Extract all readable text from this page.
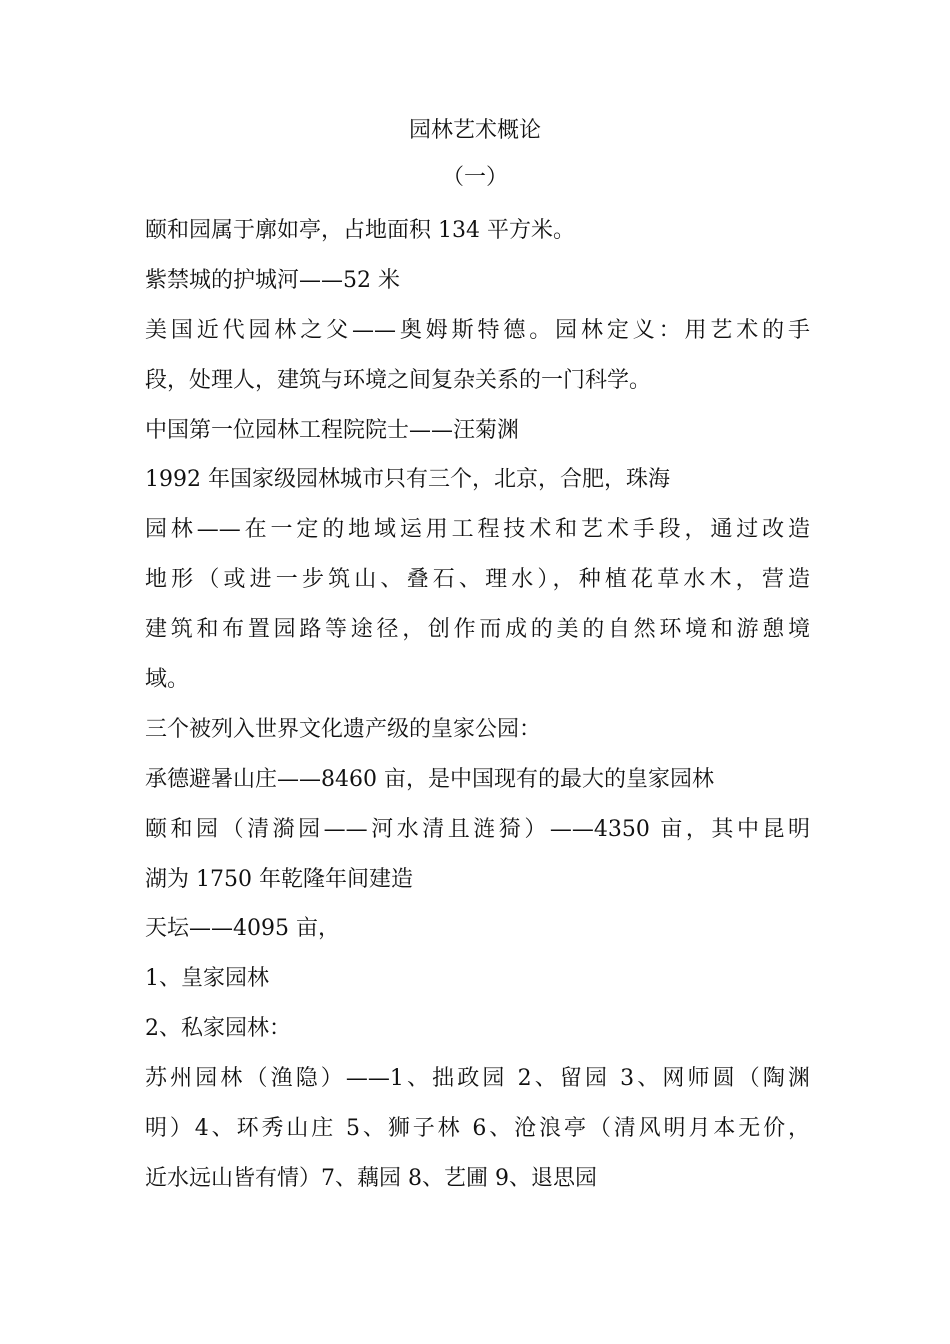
园林艺术概论
（一）
颐和园属于廓如亭，占地面积 134 平方米。
紫禁城的护城河——52 米
美国近代园林之父——奥姆斯特德。园林定义：用艺术的手
段，处理人，建筑与环境之间复杂关系的一门科学。
中国第一位园林工程院院士——汪菊渊
1992 年国家级园林城市只有三个，北京，合肥，珠海
园林——在一定的地域运用工程技术和艺术手段，通过改造
地形（或进一步筑山、叠石、理水），种植花草水木，营造
建筑和布置园路等途径，创作而成的美的自然环境和游憩境
域。
三个被列入世界文化遗产级的皇家公园：
承德避暑山庄——8460 亩，是中国现有的最大的皇家园林
颐和园（清漪园——河水清且涟猗）——4350 亩，其中昆明
湖为 1750 年乾隆年间建造
天坛——4095 亩，
1、皇家园林
2、私家园林：
苏州园林（渔隐）——1、拙政园 2、留园 3、网师圆（陶渊
明）4、环秀山庄 5、狮子林 6、沧浪亭（清风明月本无价，
近水远山皆有情）7、藕园 8、艺圃 9、退思园
